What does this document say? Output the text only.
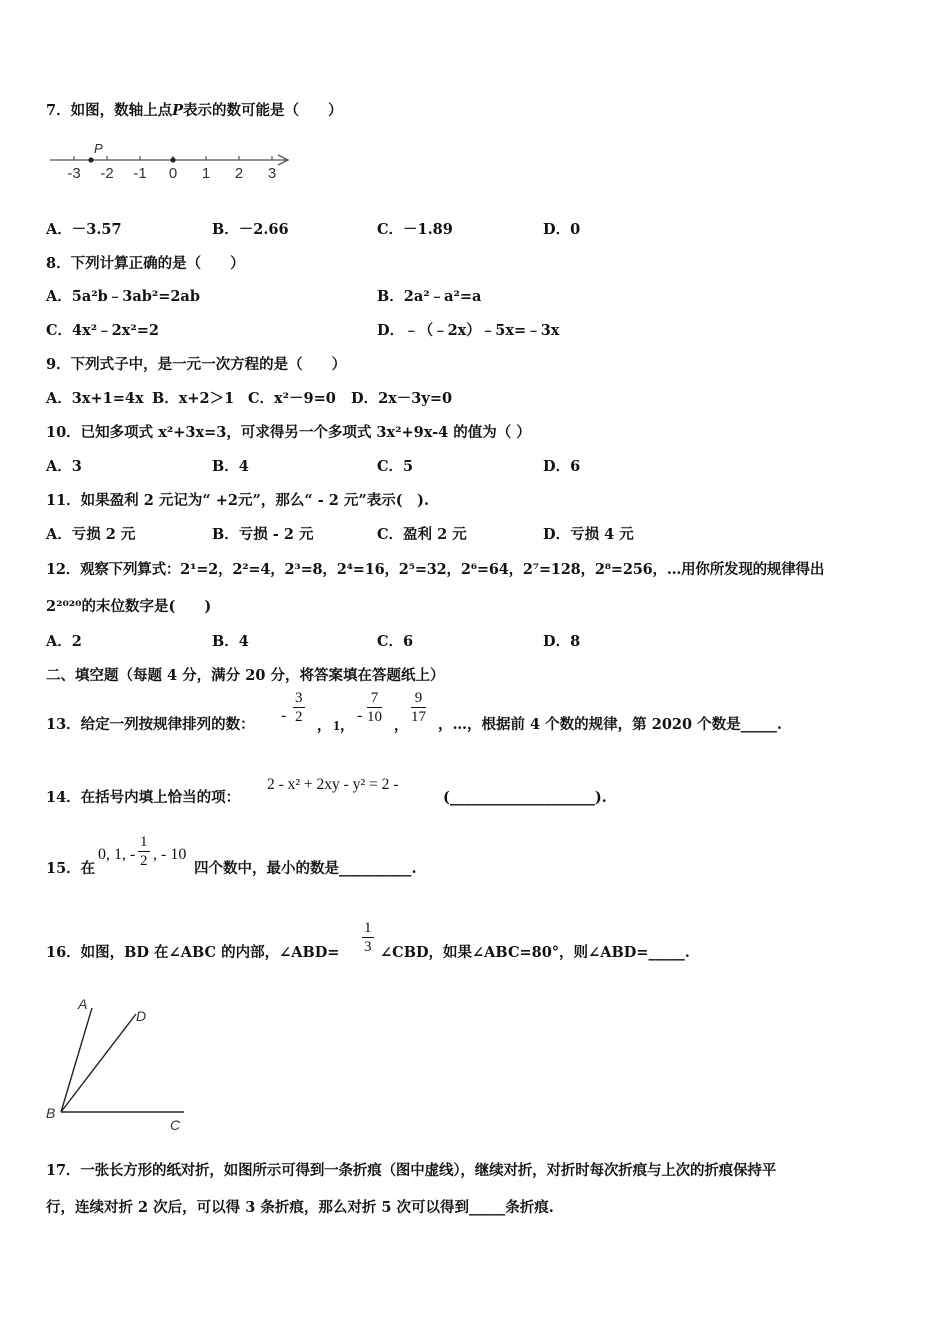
7．如图，数轴上点P表示的数可能是（　　）
P
-3 -2 -1 0 1 2 3
A．－3.57	B．－2.66	C．－1.89	D．0
8．下列计算正确的是（　　）
A．5a²b﹣3ab²=2ab	B．2a²﹣a²=a
C．4x²﹣2x²=2	D．﹣（﹣2x）﹣5x=﹣3x
9．下列式子中，是一元一次方程的是（　　）
A．3x+1=4x B．x+2＞1 C．x²－9=0 D．2x－3y=0
10．已知多项式 x²+3x=3，可求得另一个多项式 3x²+9x-4 的值为（ ）
A．3	B．4	C．5	D．6
11．如果盈利 2 元记为“ +2元”，那么“ - 2 元”表示(　).
A．亏损 2 元	B．亏损 - 2 元	C．盈利 2 元	D．亏损 4 元
12．观察下列算式：2¹=2，2²=4，2³=8，2⁴=16，2⁵=32，2⁶=64，2⁷=128，2⁸=256，…用你所发现的规律得出
2²⁰²⁰的末位数字是(　　)
A．2	B．4	C．6	D．8
二、填空题（每题 4 分，满分 20 分，将答案填在答题纸上）
13．给定一列按规律排列的数：
- $\frac{3}{2}$
， 1，
- $\frac{7}{10}$
，
$\frac{9}{17}$ ，…，根据前 4 个数的规律，第 2020 个数是_____.
14．在括号内填上恰当的项：
2 - x² + 2xy - y² = 2 -
(____________________).
15．在
0, 1, - $\frac{1}{2}$ , - 10
四个数中，最小的数是__________.
16．如图，BD 在∠ABC 的内部，∠ABD= $\frac{1}{3}$ ∠CBD，如果∠ABC=80°，则∠ABD=_____.
A
D
B
C
17．一张长方形的纸对折，如图所示可得到一条折痕（图中虚线），继续对折，对折时每次折痕与上次的折痕保持平
行，连续对折 2 次后，可以得 3 条折痕，那么对折 5 次可以得到_____条折痕.
